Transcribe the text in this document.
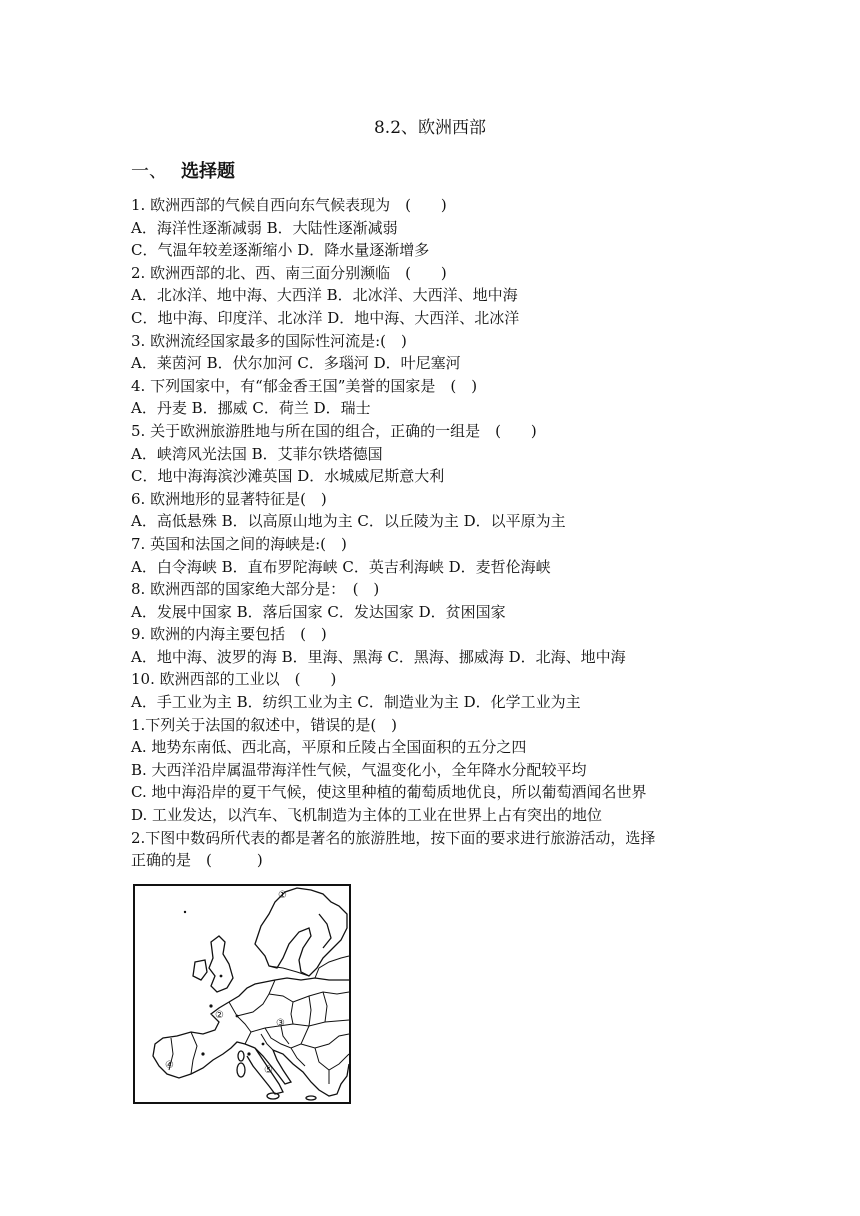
8.2、欧洲西部
一、 选择题
1. 欧洲西部的气候自西向东气候表现为　(　　)
A．海洋性逐渐减弱 B．大陆性逐渐减弱
C．气温年较差逐渐缩小 D．降水量逐渐增多
2. 欧洲西部的北、西、南三面分别濒临　(　　)
A．北冰洋、地中海、大西洋 B．北冰洋、大西洋、地中海
C．地中海、印度洋、北冰洋 D．地中海、大西洋、北冰洋
3. 欧洲流经国家最多的国际性河流是:(　)
A．莱茵河 B．伏尔加河 C．多瑙河 D．叶尼塞河
4. 下列国家中，有“郁金香王国”美誉的国家是　(　)
A．丹麦 B．挪威 C．荷兰 D．瑞士
5. 关于欧洲旅游胜地与所在国的组合，正确的一组是　(　　)
A．峡湾风光法国 B．艾菲尔铁塔德国
C．地中海海滨沙滩英国 D．水城威尼斯意大利
6. 欧洲地形的显著特征是(　)
A．高低悬殊 B．以高原山地为主 C．以丘陵为主 D．以平原为主
7. 英国和法国之间的海峡是:(　)
A．白令海峡 B．直布罗陀海峡 C．英吉利海峡 D．麦哲伦海峡
8. 欧洲西部的国家绝大部分是：　(　)
A．发展中国家 B．落后国家 C．发达国家 D．贫困国家
9. 欧洲的内海主要包括　(　)
A．地中海、波罗的海 B．里海、黑海 C．黑海、挪威海 D．北海、地中海
10. 欧洲西部的工业以　(　　)
A．手工业为主 B．纺织工业为主 C．制造业为主 D．化学工业为主
1.下列关于法国的叙述中，错误的是(　)
A. 地势东南低、西北高，平原和丘陵占全国面积的五分之四
B. 大西洋沿岸属温带海洋性气候，气温变化小，全年降水分配较平均
C. 地中海沿岸的夏干气候，使这里种植的葡萄质地优良，所以葡萄酒闻名世界
D. 工业发达，以汽车、飞机制造为主体的工业在世界上占有突出的地位
2.下图中数码所代表的都是著名的旅游胜地，按下面的要求进行旅游活动，选择
正确的是　(　　　)
①
②
③
④	⑤
